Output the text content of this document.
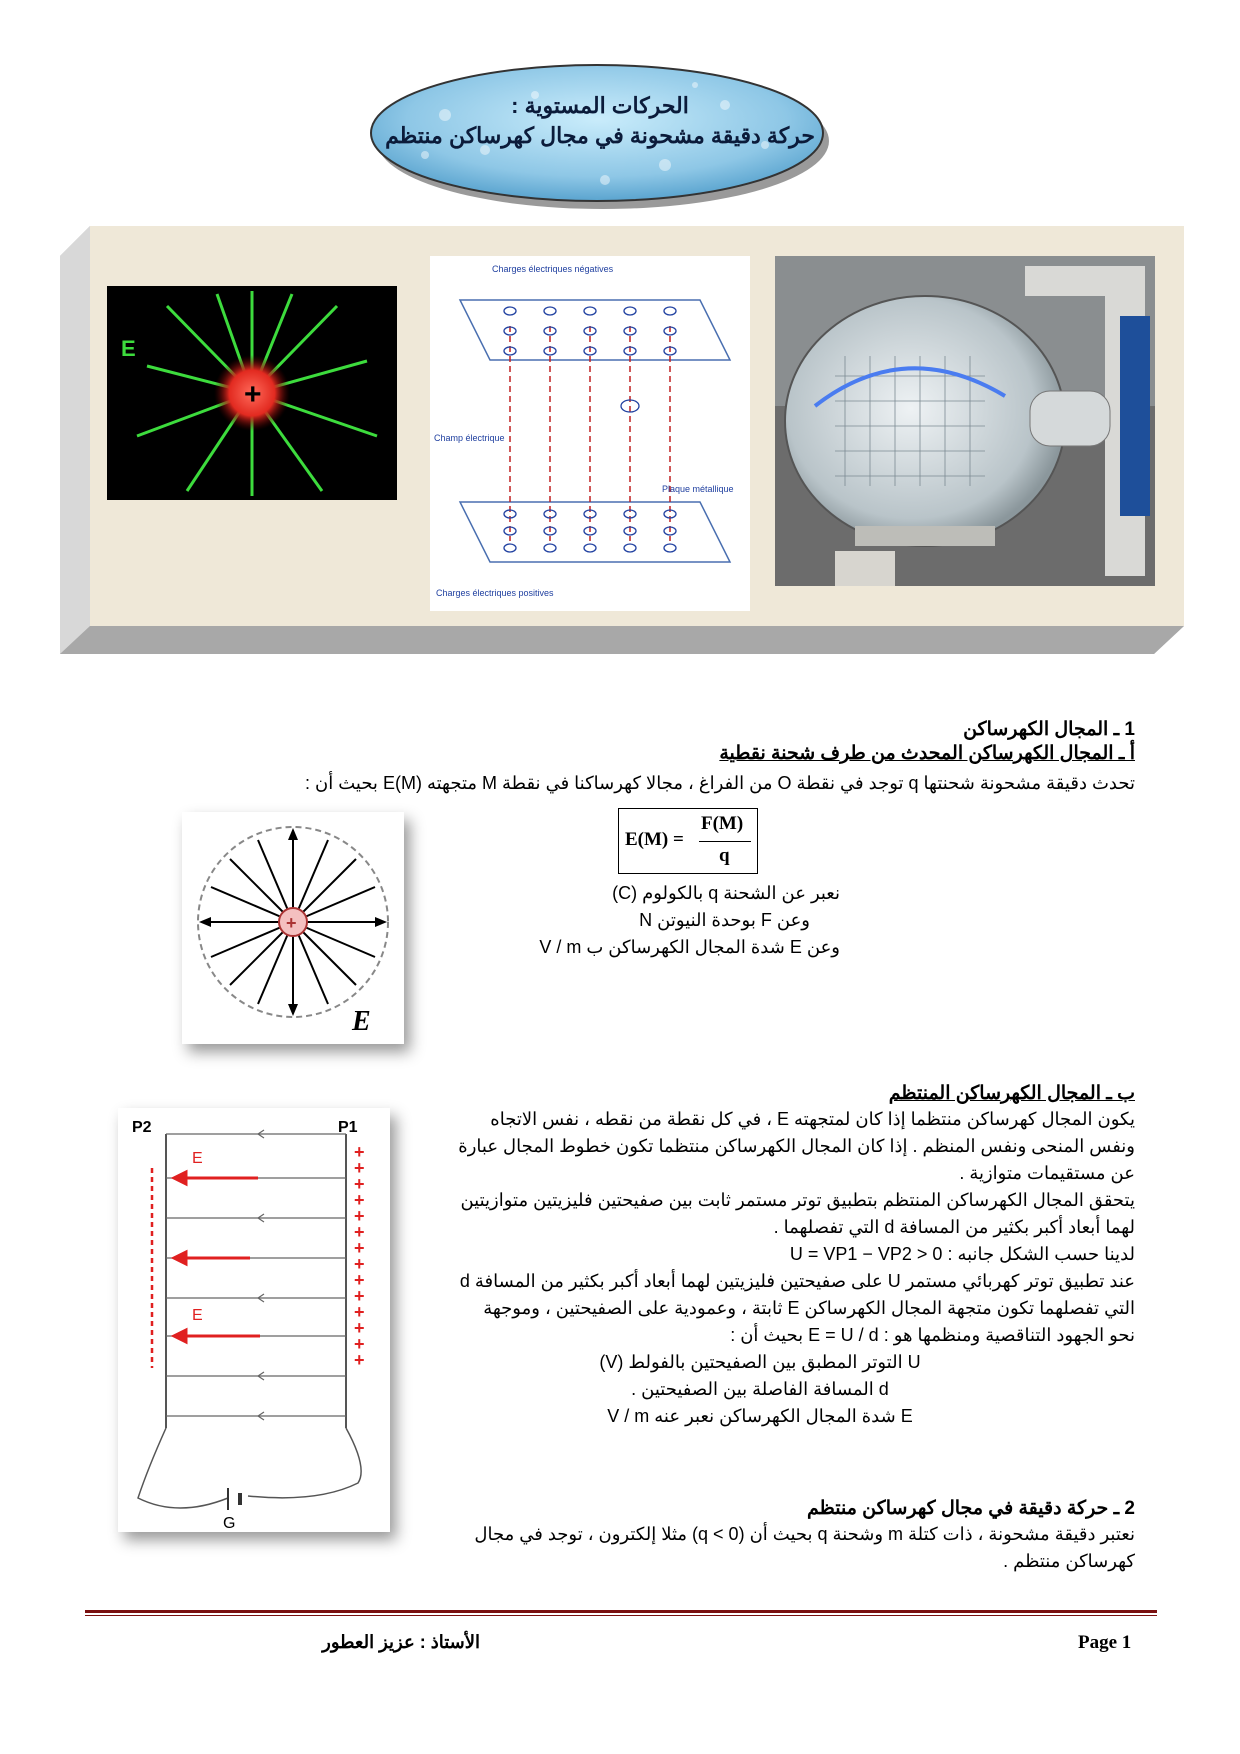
الحركات المستوية :
حركة دقيقة مشحونة في مجال كهرساكن منتظم
+
E
Charges électriques négatives
Champ électrique
Plaque métallique
Charges électriques positives
1 ـ المجال الكهرساكن
أ ـ المجال الكهرساكن المحدث من طرف شحنة نقطية
تحدث دقيقة مشحونة شحنتها q توجد في نقطة O من الفراغ ، مجالا كهرساكنا في نقطة M متجهته E(M) بحيث أن :
E(M) =
F(M)
q
نعبر عن الشحنة q بالكولوم (C)
وعن F بوحدة النيوتن N
وعن E شدة المجال الكهرساكن ب V / m
+
E
ب ـ المجال الكهرساكن المنتظم
يكون المجال كهرساكن منتظما إذا كان لمتجهته E ، في كل نقطة من نقطه ، نفس الاتجاه
ونفس المنحى ونفس المنظم . إذا كان المجال الكهرساكن منتظما تكون خطوط المجال عبارة
عن مستقيمات متوازية .
يتحقق المجال الكهرساكن المنتظم بتطبيق توتر مستمر ثابت بين صفيحتين فليزيتين متوازيتين
لهما أبعاد أكبر بكثير من المسافة d التي تفصلهما .
لدينا حسب الشكل جانبه : U = VP1 − VP2 > 0
عند تطبيق توتر كهربائي مستمر U على صفيحتين فليزيتين لهما أبعاد أكبر بكثير من المسافة d
التي تفصلهما تكون متجهة المجال الكهرساكن E ثابتة ، وعمودية على الصفيحتين ، وموجهة
نحو الجهود التناقصية ومنظمها هو : E = U / d بحيث أن :
U التوتر المطبق بين الصفيحتين بالفولط (V)
d المسافة الفاصلة بين الصفيحتين .
E شدة المجال الكهرساكن نعبر عنه V / m
E
E
P2	P1
+
+
+
+
+
+
+
+
+
+
+
+
+
+
G
2 ـ حركة دقيقة في مجال كهرساكن منتظم
نعتبر دقيقة مشحونة ، ذات كتلة m وشحنة q بحيث أن (q < 0) مثلا إلكترون ، توجد في مجال
كهرساكن منتظم .
الأستاذ : عزيز العطور	Page 1
